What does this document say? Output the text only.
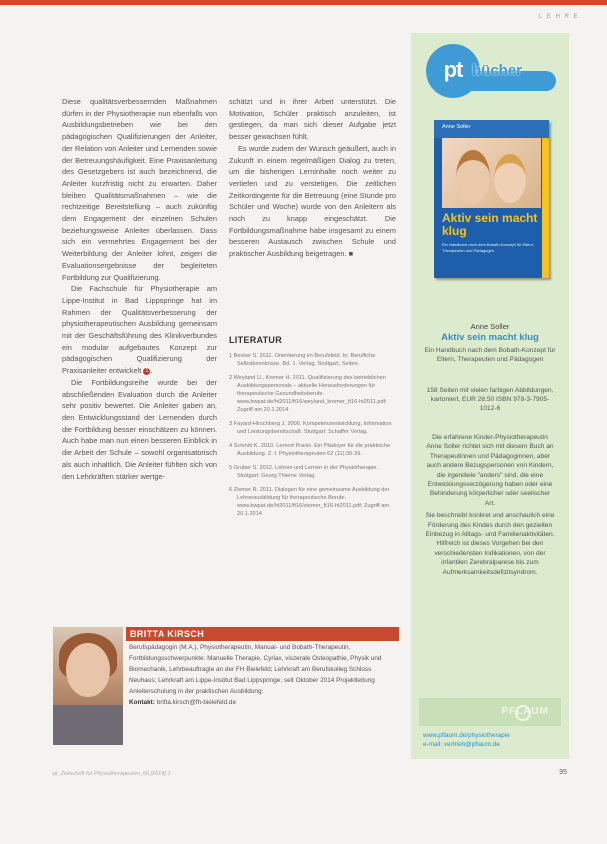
L E H R E

Diese qualitätsverbessernden Maßnahmen dürfen in der Physiotherapie nun ebenfalls von Ausbildungsbetrieben wie bei den pädagogischen Qualifizierungen der Anleiter, der Relation von Anleiter und Lernenden sowie der Betreuungshäufigkeit. Eine Praxisanleitung des Gesetzgebers ist auch bezeichnend, die Anleiter kurzfristig nicht zu erwarten. Daher bleiben Qualitätsmaßnahmen – wie die rechtzeitige Bereitstellung – auch zukünftig dem Engagement der einzelnen Schulen beziehungsweise Anleiter überlassen. Dass sich ein vermehrtes Engagement bei der Weiterbildung der Anleiter lohnt, zeigen die Evaluationsergebnisse der begleiteten Fortbildung zur Qualifizierung.

Die Fachschule für Physiotherapie am Lippe-Institut in Bad Lippspringe hat im Rahmen der Qualitätsverbesserung der physiotherapeutischen Ausbildung gemeinsam mit der Geschäftsführung des Klinikverbundes ein modular aufgebautes Konzept zur pädagogischen Qualifizierung der Praxisanleiter entwickelt 1 .

Die Fortbildungsreihe wurde bei der abschließenden Evaluation durch die Anleiter sehr positiv bewertet. Die Anleiter gaben an, den Entwicklungsstand der Lernenden durch die Fortbildung besser einschätzen zu können. Auch habe man nun einen besseren Einblick in die Arbeit der Schule – sowohl organisatorisch als auch inhaltlich. Die Anleiter fühlten sich von den Lehrkräften stärker wertge-

schätzt und in ihrer Arbeit unterstützt. Die Motivation, Schüler praktisch anzuleiten, ist gestiegen, da man sich dieser Aufgabe jetzt besser gewachsen fühlt.

Es wurde zudem der Wunsch geäußert, auch in Zukunft in einem regelmäßigen Dialog zu treten, um die bisherigen Lerninhalte noch weiter zu vertiefen und zu verstetigen. Die zeitlichen Zeitkontingente für die Betreuung (eine Stunde pro Schüler und Woche) wurde von den Anleitern als noch zu knapp eingeschätzt. Die Fortbildungsmaßnahme habe insgesamt zu einem besseren Austausch zwischen Schule und praktischer Ausbildung beigetragen. ■

LITERATUR
1 Becker S. 2011. Orientierung im Berufsfeld. In: Berufliche Selbstkenntnisse, Bd. 1. Verlag, Stuttgart, Seiten.
2 Weyland U., Kremer H. 2011. Qualifizierung des betrieblichen Ausbildungspersonals – aktuelle Herausforderungen für therapeutische Gesundheitsberufe. www.bwpat.de/ht2011/ft16/weyland_kremer_ft16-ht2011.pdf; Zugriff am 20.1.2014
3 Fayard-Hirschberg J. 2006. Kompetenzentwicklung, Information und Leistungsbereitschaft. Stuttgart: Schaffer Verlag.
4 Schmitt K. 2010. Lernort Praxis. Ein Plädoyer für die praktische Ausbildung. Z. f. Physiotherapeuten 62 (11):30-39.
5 Gruber S. 2012. Lehren und Lernen in der Physiotherapie. Stuttgart: Georg Thieme Verlag.
6 Ziemer R. 2011. Dialogen für eine gemeinsame Ausbildung der Lehrerausbildung für therapeutische Berufe. www.bwpat.de/ht2011/ft16/ziemer_ft16-ht2011.pdf; Zugriff am 20.1.2014
BRITTA KIRSCH
Berufspädagogin (M.A.), Physiotherapeutin, Manual- und Bobath-Therapeutin, Fortbildungsschwerpunkte: Manuelle Therapie, Cyriax, viszerale Osteopathie, Physik und Biomechanik, Lehrbeauftragte an der FH Bielefeld; Lehrkraft am Berufskolleg Schloss Neuhaus; Lehrkraft am Lippe-Institut Bad Lippspringe; seit Oktober 2014 Projektleitung Anleiterschulung in der praktischen Ausbildung.
Kontakt: britta.kirsch@fh-bielefeld.de
pt_Zeitschrift für Physiotherapeuten_66 [2014] 1	95
pt bücher
Anne Soller
Aktiv sein macht klug
Ein Handbuch nach dem Bobath-Konzept für Eltern, Therapeuten und Pädagogen
Anne Soller
Aktiv sein macht klug
Ein Handbuch nach dem Bobath-Konzept für Eltern, Therapeuten und Pädagogen
158 Seiten mit vielen farbigen Abbildungen, kartoniert, EUR 28,50 ISBN 978-3-7905-1012-6

Die erfahrene Kinder-Physiotherapeutin Anne Soller richtet sich mit diesem Buch an Therapeutinnen und Pädagoginnen, aber auch andere Bezugspersonen von Kindern, die irgendwie "anders" sind, die eine Entwicklungsverzögerung haben oder eine Behinderung körperlicher oder seelischer Art.

Sie beschreibt konkret und anschaulich eine Förderung des Kindes durch den gezielten Einbezug in Alltags- und Familienaktivitäten. Hilfreich ist dieses Vorgehen bei den verschiedensten Indikationen, von der infantilen Zerebralparese bis zum Aufmerksamkeitsdefizitsyndrom.

PFLAUM
www.pflaum.de/physiotherapie
e-mail: vertrieb@pflaum.de
